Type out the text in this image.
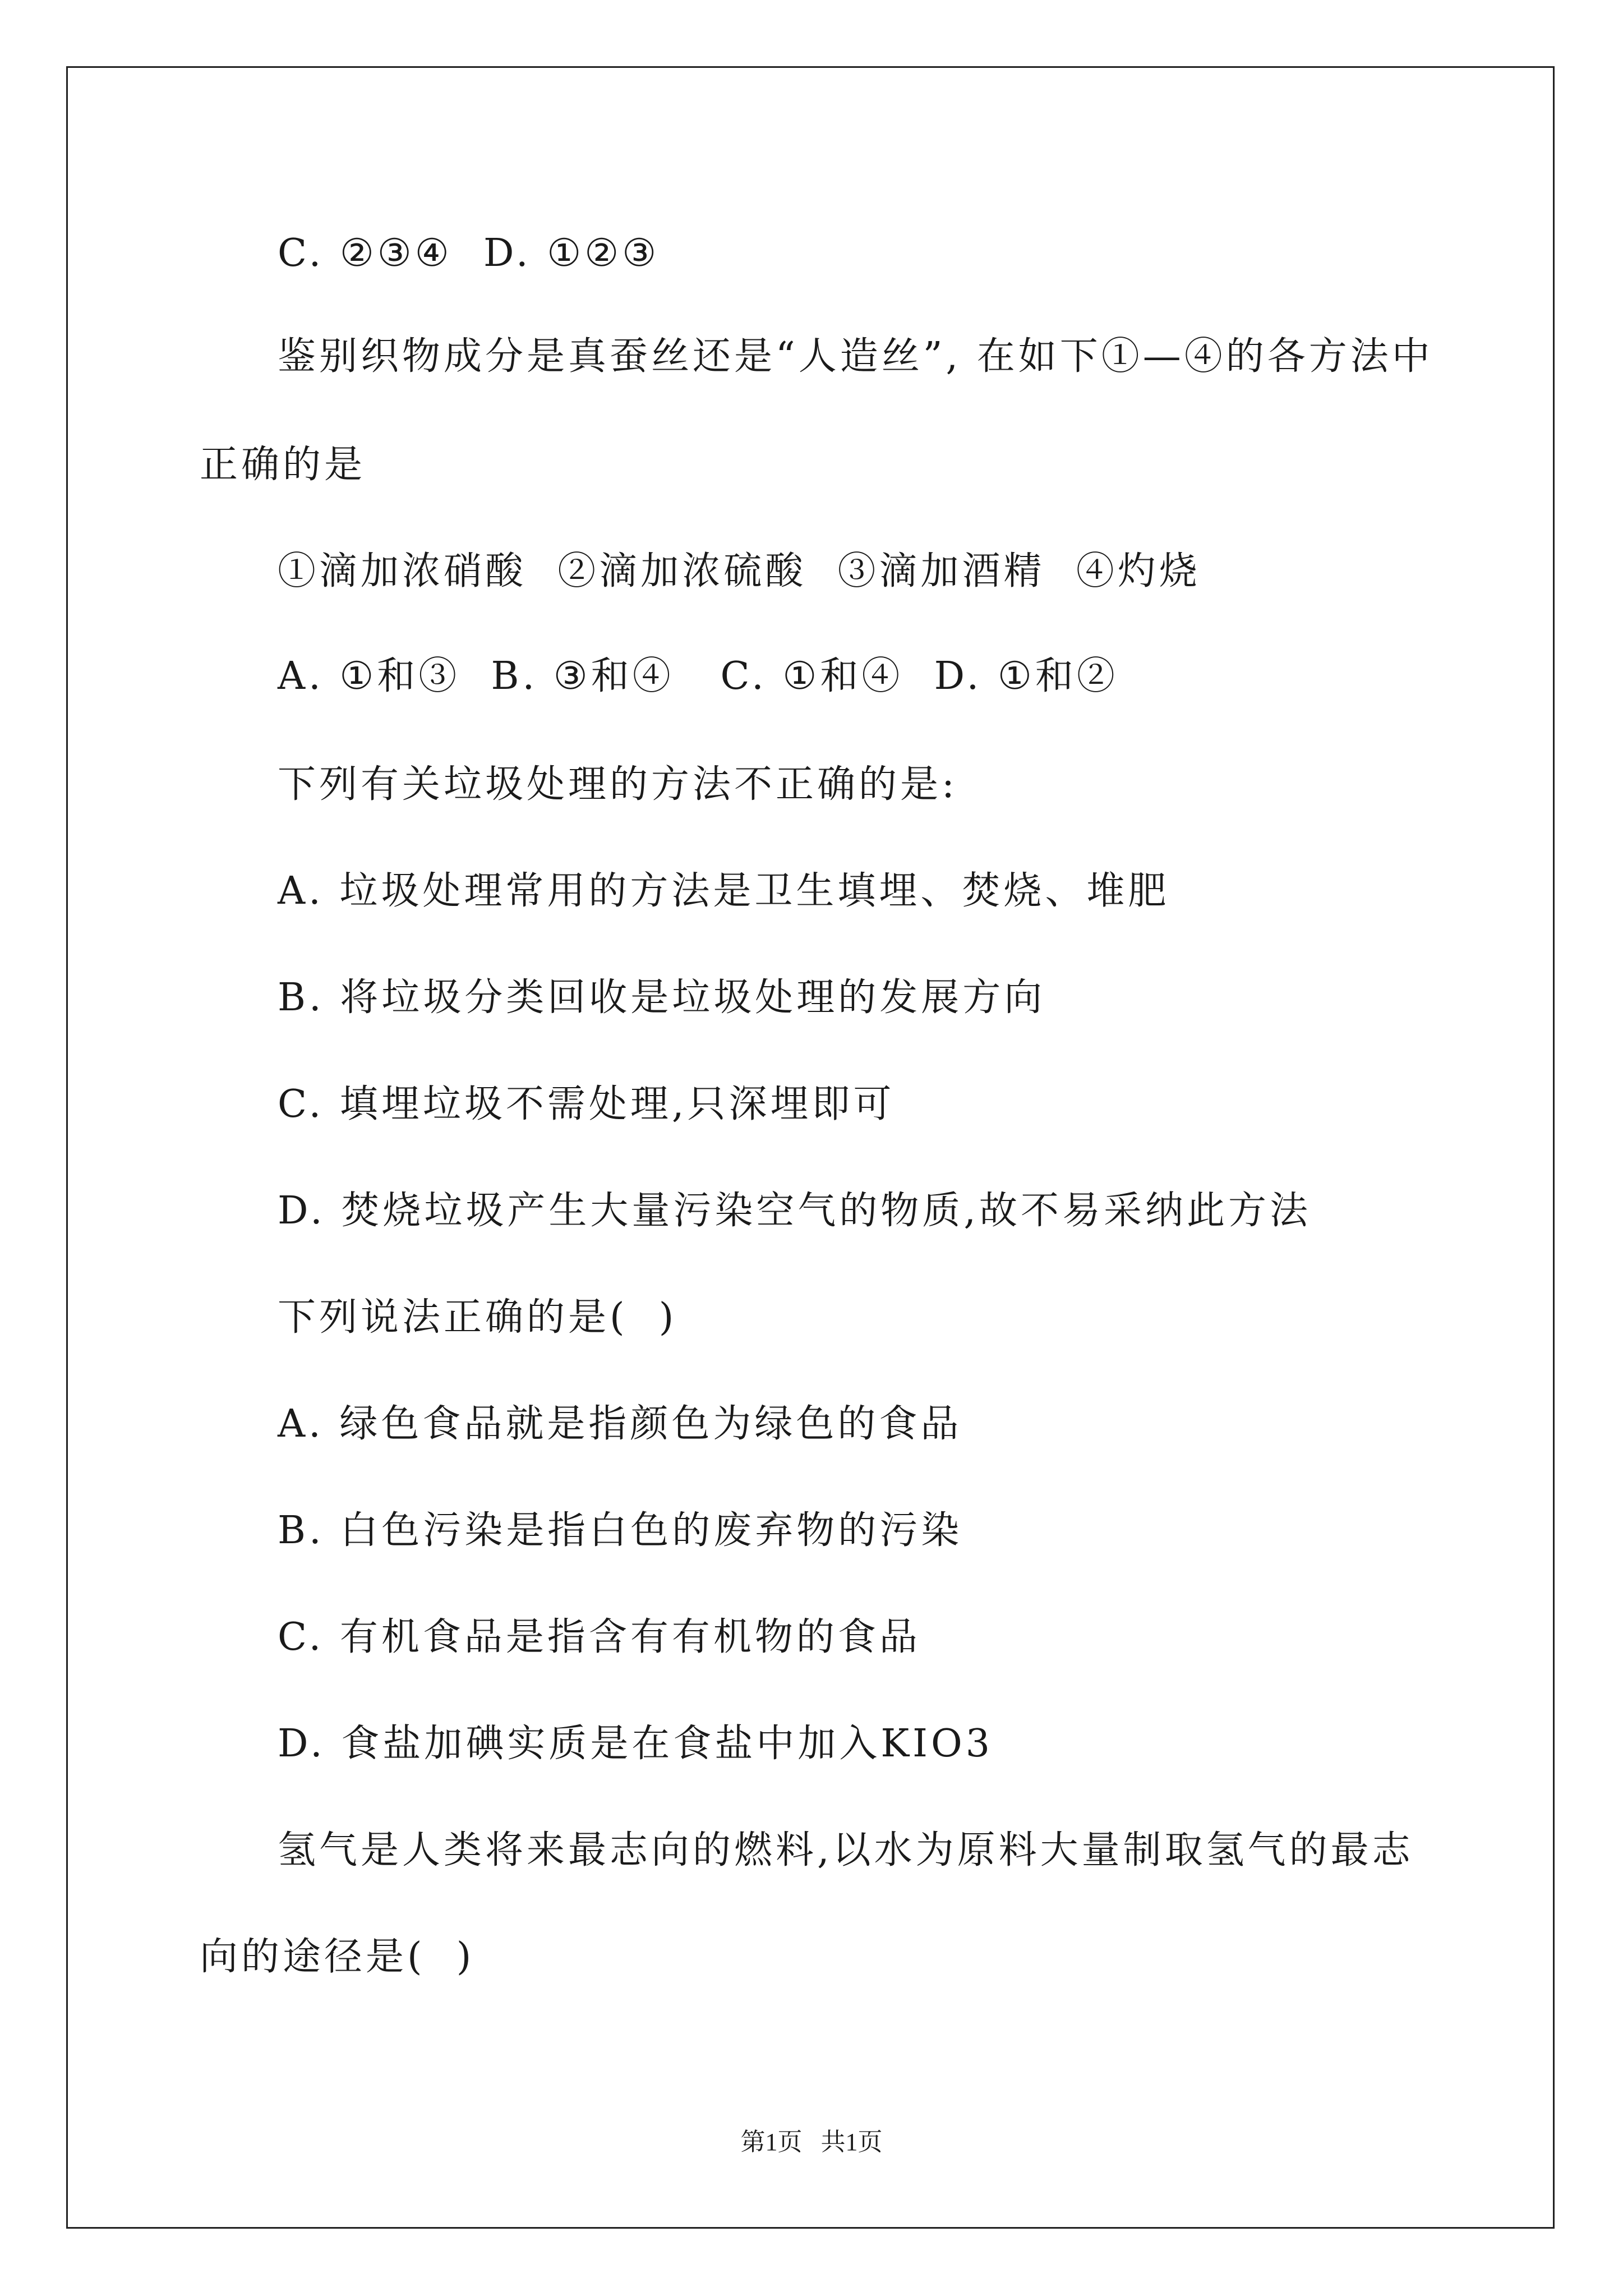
C. ②③④  D. ①②③
鉴别织物成分是真蚕丝还是“人造丝”, 在如下①—④的各方法中
正确的是
①滴加浓硝酸  ②滴加浓硫酸  ③滴加酒精  ④灼烧
A. ①和③  B. ③和④   C. ①和④  D. ①和②
下列有关垃圾处理的方法不正确的是:
A. 垃圾处理常用的方法是卫生填埋、焚烧、堆肥
B. 将垃圾分类回收是垃圾处理的发展方向
C. 填埋垃圾不需处理,只深埋即可
D. 焚烧垃圾产生大量污染空气的物质,故不易采纳此方法
下列说法正确的是(  )
A. 绿色食品就是指颜色为绿色的食品
B. 白色污染是指白色的废弃物的污染
C. 有机食品是指含有有机物的食品
D. 食盐加碘实质是在食盐中加入KIO3
氢气是人类将来最志向的燃料,以水为原料大量制取氢气的最志
向的途径是(  )
第1页   共1页
